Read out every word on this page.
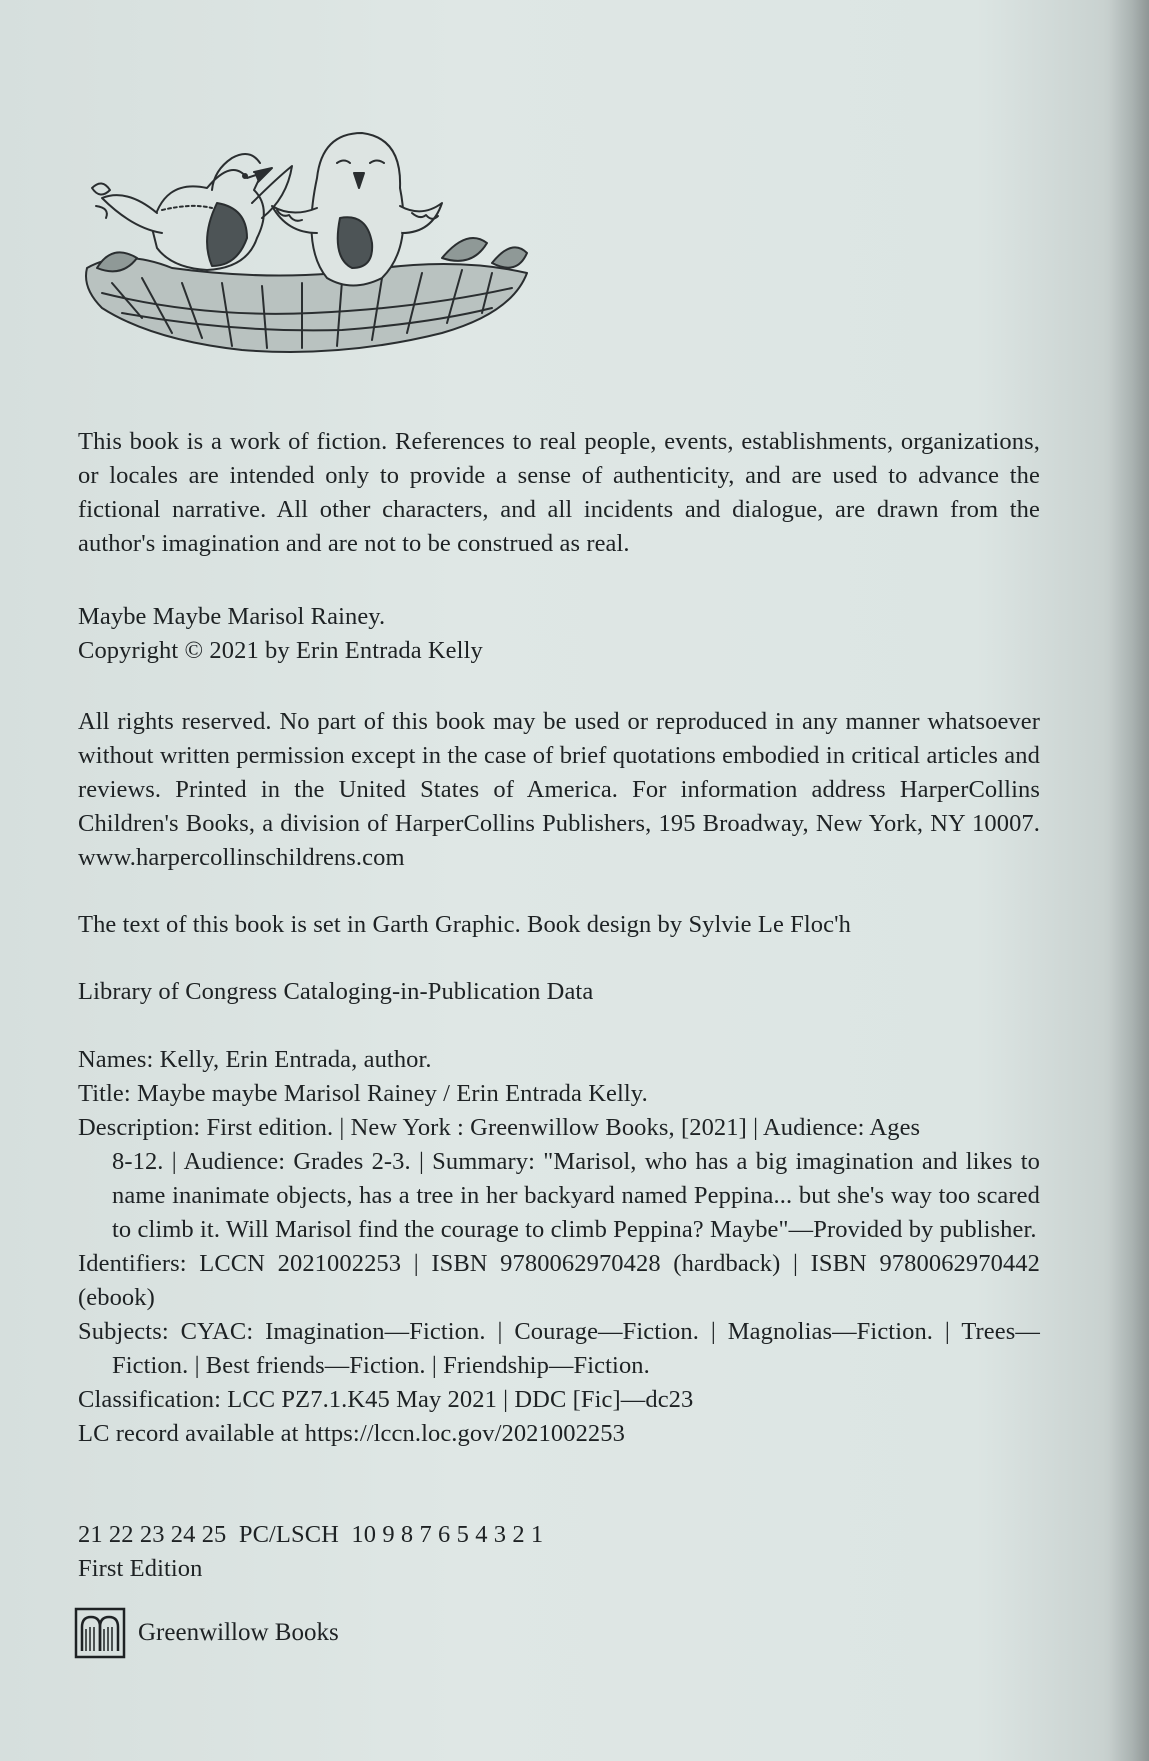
This book is a work of fiction. References to real people, events, establishments, organizations, or locales are intended only to provide a sense of authenticity, and are used to advance the fictional narrative. All other characters, and all incidents and dialogue, are drawn from the author's imagination and are not to be construed as real.

Maybe Maybe Marisol Rainey.

Copyright © 2021 by Erin Entrada Kelly

All rights reserved. No part of this book may be used or reproduced in any manner whatsoever without written permission except in the case of brief quotations embodied in critical articles and reviews. Printed in the United States of America. For information address HarperCollins Children's Books, a division of HarperCollins Publishers, 195 Broadway, New York, NY 10007. www.harpercollinschildrens.com

The text of this book is set in Garth Graphic. Book design by Sylvie Le Floc'h

Library of Congress Cataloging-in-Publication Data

Names: Kelly, Erin Entrada, author.

Title: Maybe maybe Marisol Rainey / Erin Entrada Kelly.

Description: First edition. | New York : Greenwillow Books, [2021] | Audience: Ages

8-12. | Audience: Grades 2-3. | Summary: "Marisol, who has a big imagination and likes to name inanimate objects, has a tree in her backyard named Peppina... but she's way too scared to climb it. Will Marisol find the courage to climb Peppina? Maybe"—Provided by publisher.

Identifiers: LCCN 2021002253 | ISBN 9780062970428 (hardback) | ISBN 9780062970442 (ebook)

Subjects: CYAC: Imagination—Fiction. | Courage—Fiction. | Magnolias—Fiction. | Trees—Fiction. | Best friends—Fiction. | Friendship—Fiction.

Classification: LCC PZ7.1.K45 May 2021 | DDC [Fic]—dc23

LC record available at https://lccn.loc.gov/2021002253

21 22 23 24 25  PC/LSCH  10 9 8 7 6 5 4 3 2 1

First Edition

Greenwillow Books
